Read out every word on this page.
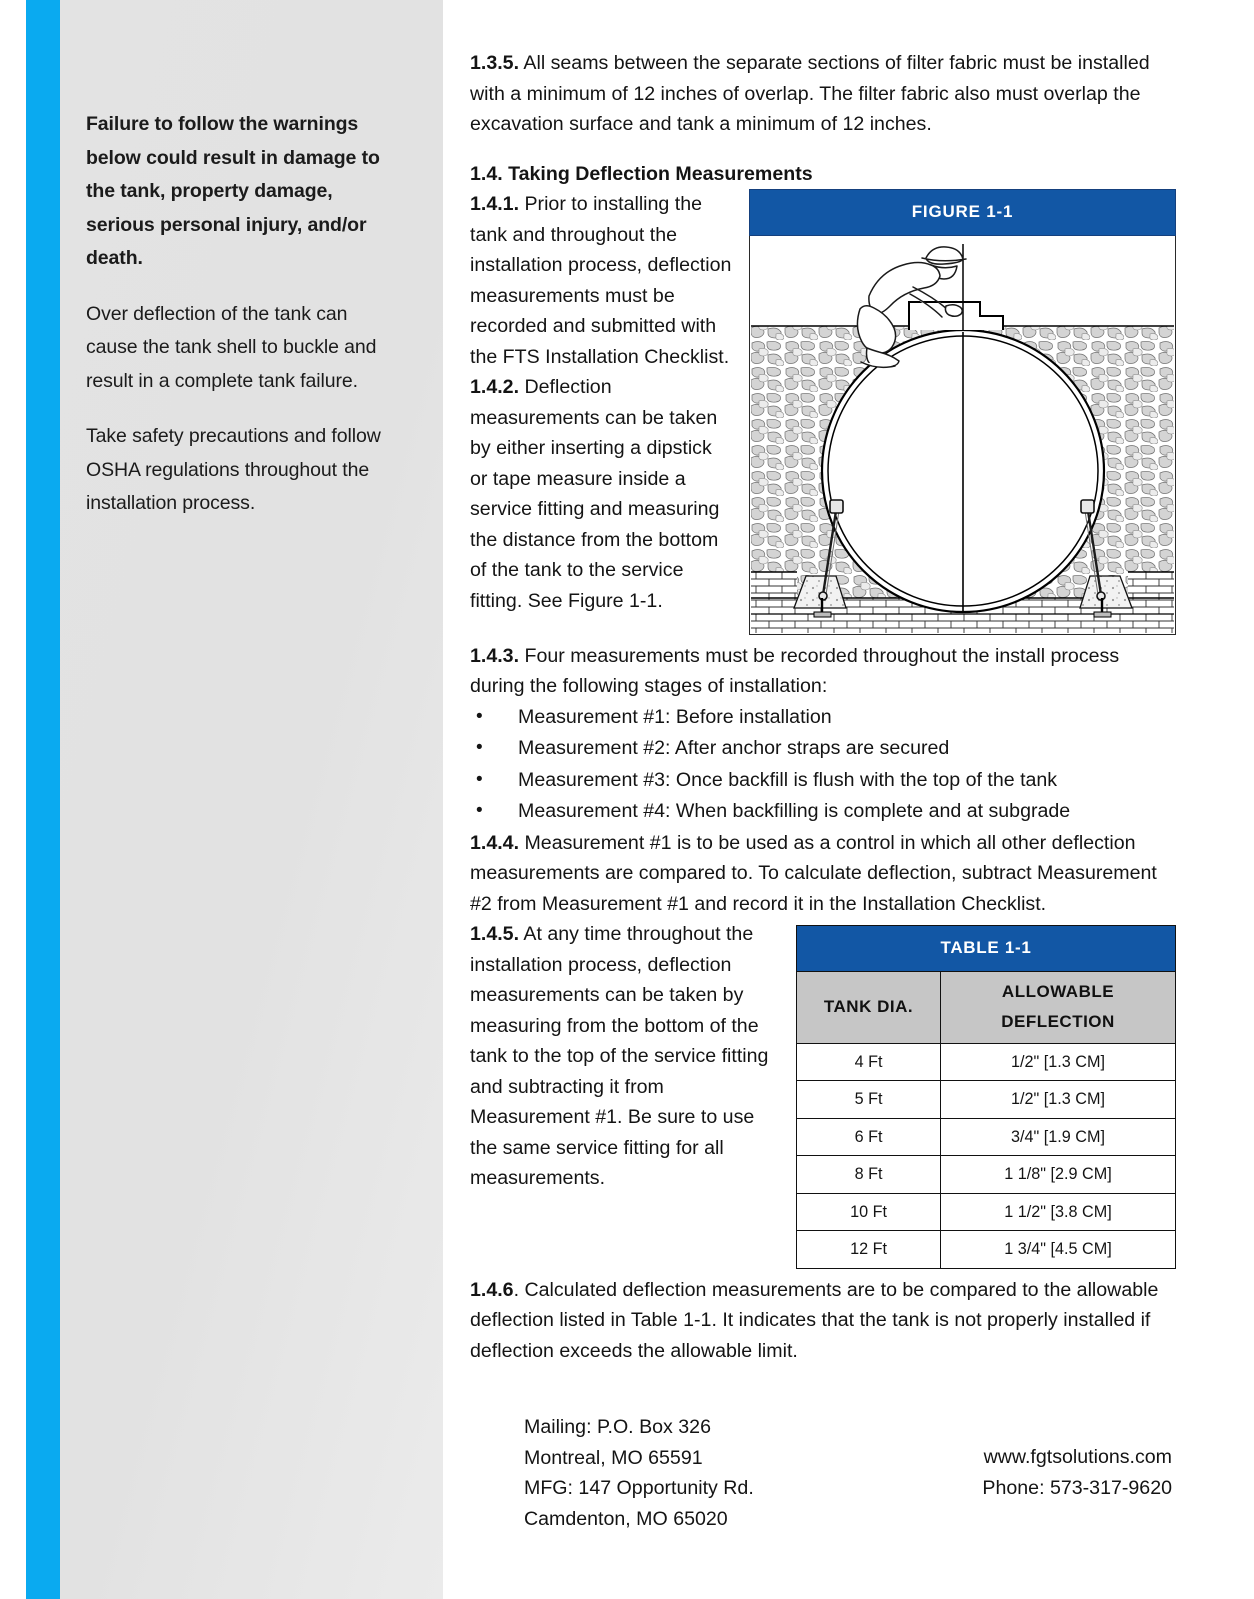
Failure to follow the warnings below could result in damage to the tank, property damage, serious personal injury, and/or death.

Over deflection of the tank can cause the tank shell to buckle and result in a complete tank failure.

Take safety precautions and follow OSHA regulations throughout the installation process.

1.3.5. All seams between the separate sections of filter fabric must be installed with a minimum of 12 inches of overlap. The filter fabric also must overlap the excavation surface and tank a minimum of 12 inches.

1.4. Taking Deflection Measurements

FIGURE 1-1

1.4.1. Prior to installing the tank and throughout the installation process, deflection measurements must be recorded and submitted with the FTS Installation Checklist.

1.4.2. Deflection measurements can be taken by either inserting a dipstick or tape measure inside a service fitting and measuring the distance from the bottom of the tank to the service fitting. See Figure 1-1.

1.4.3. Four measurements must be recorded throughout the install process during the following stages of installation:

• Measurement #1: Before installation
• Measurement #2: After anchor straps are secured
• Measurement #3: Once backfill is flush with the top of the tank
• Measurement #4: When backfilling is complete and at subgrade

1.4.4. Measurement #1 is to be used as a control in which all other deflection measurements are compared to. To calculate deflection, subtract Measurement #2 from Measurement #1 and record it in the Installation Checklist.

TABLE 1-1	
TANK DIA.	ALLOWABLE DEFLECTION
4 Ft	1/2" [1.3 CM]
5 Ft	1/2" [1.3 CM]
6 Ft	3/4" [1.9 CM]
8 Ft	1 1/8" [2.9 CM]
10 Ft	1 1/2" [3.8 CM]
12 Ft	1 3/4" [4.5 CM]

1.4.5. At any time throughout the installation process, deflection measurements can be taken by measuring from the bottom of the tank to the top of the service fitting and subtracting it from Measurement #1. Be sure to use the same service fitting for all measurements.

1.4.6. Calculated deflection measurements are to be compared to the allowable deflection listed in Table 1-1. It indicates that the tank is not properly installed if deflection exceeds the allowable limit.

Mailing: P.O. Box 326
Montreal, MO 65591
MFG: 147 Opportunity Rd.
Camdenton, MO 65020
www.fgtsolutions.com
Phone: 573-317-9620
